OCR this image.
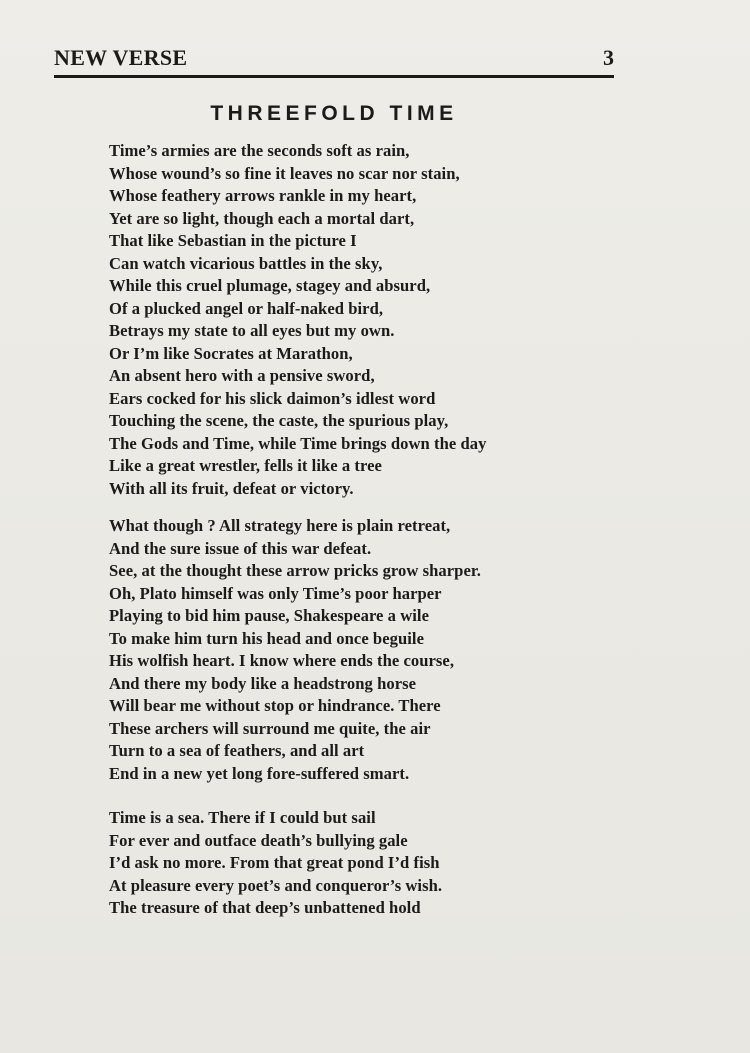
NEW VERSE	3
THREEFOLD TIME
Time’s armies are the seconds soft as rain,
Whose wound’s so fine it leaves no scar nor stain,
Whose feathery arrows rankle in my heart,
Yet are so light, though each a mortal dart,
That like Sebastian in the picture I
Can watch vicarious battles in the sky,
While this cruel plumage, stagey and absurd,
Of a plucked angel or half-naked bird,
Betrays my state to all eyes but my own.
Or I’m like Socrates at Marathon,
An absent hero with a pensive sword,
Ears cocked for his slick daimon’s idlest word
Touching the scene, the caste, the spurious play,
The Gods and Time, while Time brings down the day
Like a great wrestler, fells it like a tree
With all its fruit, defeat or victory.
What though ? All strategy here is plain retreat,
And the sure issue of this war defeat.
See, at the thought these arrow pricks grow sharper.
Oh, Plato himself was only Time’s poor harper
Playing to bid him pause, Shakespeare a wile
To make him turn his head and once beguile
His wolfish heart. I know where ends the course,
And there my body like a headstrong horse
Will bear me without stop or hindrance. There
These archers will surround me quite, the air
Turn to a sea of feathers, and all art
End in a new yet long fore-suffered smart.
Time is a sea. There if I could but sail
For ever and outface death’s bullying gale
I’d ask no more. From that great pond I’d fish
At pleasure every poet’s and conqueror’s wish.
The treasure of that deep’s unbattened hold
